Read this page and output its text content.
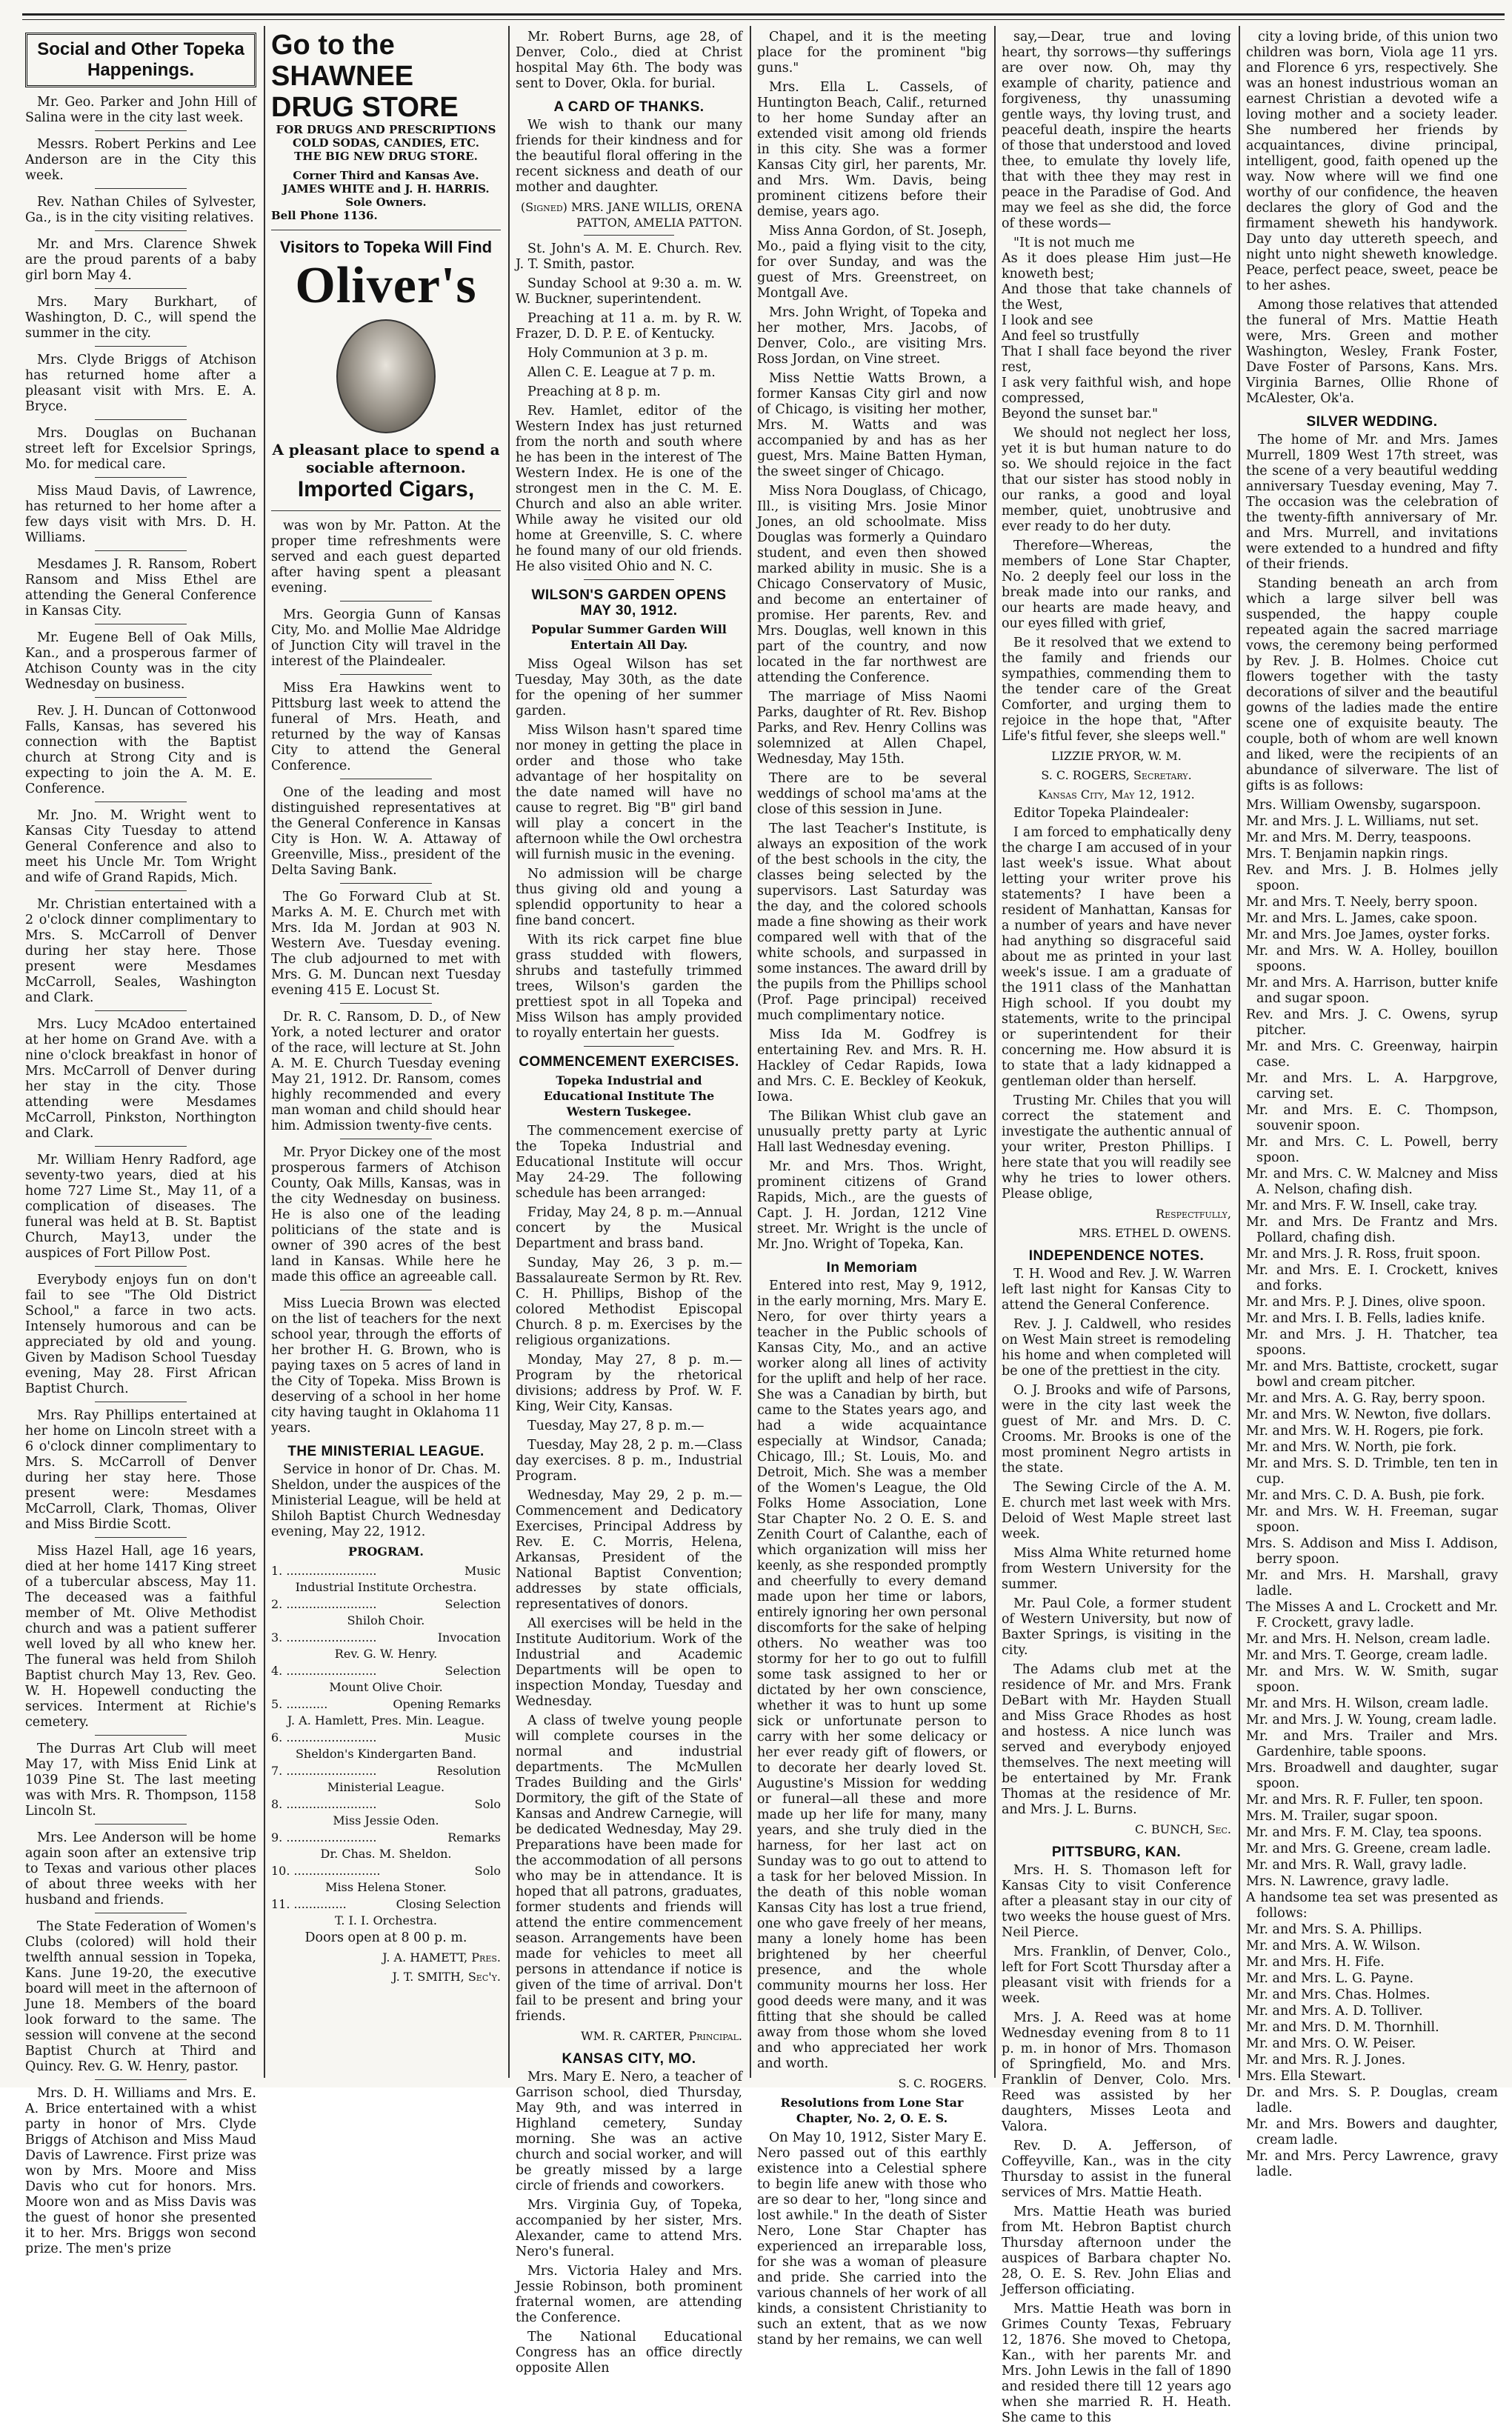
Social and Other Topeka Happenings.

Mr. Geo. Parker and John Hill of Salina were in the city last week.

Messrs. Robert Perkins and Lee Anderson are in the City this week.

Rev. Nathan Chiles of Sylvester, Ga., is in the city visiting relatives.

Mr. and Mrs. Clarence Shwek are the proud parents of a baby girl born May 4.

Mrs. Mary Burkhart, of Washington, D. C., will spend the summer in the city.

Mrs. Clyde Briggs of Atchison has returned home after a pleasant visit with Mrs. E. A. Bryce.

Mrs. Douglas on Buchanan street left for Excelsior Springs, Mo. for medical care.

Miss Maud Davis, of Lawrence, has returned to her home after a few days visit with Mrs. D. H. Williams.

Mesdames J. R. Ransom, Robert Ransom and Miss Ethel are attending the General Conference in Kansas City.

Mr. Eugene Bell of Oak Mills, Kan., and a prosperous farmer of Atchison County was in the city Wednesday on business.

Rev. J. H. Duncan of Cottonwood Falls, Kansas, has severed his connection with the Baptist church at Strong City and is expecting to join the A. M. E. Conference.

Mr. Jno. M. Wright went to Kansas City Tuesday to attend General Conference and also to meet his Uncle Mr. Tom Wright and wife of Grand Rapids, Mich.

Mr. Christian entertained with a 2 o'clock dinner complimentary to Mrs. S. McCarroll of Denver during her stay here. Those present were Mesdames McCarroll, Seales, Washington and Clark.

Mrs. Lucy McAdoo entertained at her home on Grand Ave. with a nine o'clock breakfast in honor of Mrs. McCarroll of Denver during her stay in the city. Those attending were Mesdames McCarroll, Pinkston, Northington and Clark.

Mr. William Henry Radford, age seventy-two years, died at his home 727 Lime St., May 11, of a complication of diseases. The funeral was held at B. St. Baptist Church, May13, under the auspices of Fort Pillow Post.

Everybody enjoys fun on don't fail to see "The Old District School," a farce in two acts. Intensely humorous and can be appreciated by old and young. Given by Madison School Tuesday evening, May 28. First African Baptist Church.

Mrs. Ray Phillips entertained at her home on Lincoln street with a 6 o'clock dinner complimentary to Mrs. S. McCarroll of Denver during her stay here. Those present were: Mesdames McCarroll, Clark, Thomas, Oliver and Miss Birdie Scott.

Miss Hazel Hall, age 16 years, died at her home 1417 King street of a tubercular abscess, May 11. The deceased was a faithful member of Mt. Olive Methodist church and was a patient sufferer well loved by all who knew her. The funeral was held from Shiloh Baptist church May 13, Rev. Geo. W. H. Hopewell conducting the services. Interment at Richie's cemetery.

The Durras Art Club will meet May 17, with Miss Enid Link at 1039 Pine St. The last meeting was with Mrs. R. Thompson, 1158 Lincoln St.

Mrs. Lee Anderson will be home again soon after an extensive trip to Texas and various other places of about three weeks with her husband and friends.

The State Federation of Women's Clubs (colored) will hold their twelfth annual session in Topeka, Kans. June 19-20, the executive board will meet in the afternoon of June 18. Members of the board look forward to the same. The session will convene at the second Baptist Church at Third and Quincy. Rev. G. W. Henry, pastor.

Mrs. D. H. Williams and Mrs. E. A. Brice entertained with a whist party in honor of Mrs. Clyde Briggs of Atchison and Miss Maud Davis of Lawrence. First prize was won by Mrs. Moore and Miss Davis who cut for honors. Mrs. Moore won and as Miss Davis was the guest of honor she presented it to her. Mrs. Briggs won second prize. The men's prize

Go to the SHAWNEE DRUG STORE
FOR DRUGS AND PRESCRIPTIONS
COLD SODAS, CANDIES, ETC.
THE BIG NEW DRUG STORE.
Corner Third and Kansas Ave.
JAMES WHITE and J. H. HARRIS.
Sole Owners.
Bell Phone 1136.
Visitors to Topeka Will Find
Oliver's
A pleasant place to spend a sociable afternoon.
Imported Cigars,

was won by Mr. Patton. At the proper time refreshments were served and each guest departed after having spent a pleasant evening.

Mrs. Georgia Gunn of Kansas City, Mo. and Mollie Mae Aldridge of Junction City will travel in the interest of the Plaindealer.

Miss Era Hawkins went to Pittsburg last week to attend the funeral of Mrs. Heath, and returned by the way of Kansas City to attend the General Conference.

One of the leading and most distinguished representatives at the General Conference in Kansas City is Hon. W. A. Attaway of Greenville, Miss., president of the Delta Saving Bank.

The Go Forward Club at St. Marks A. M. E. Church met with Mrs. Ida M. Jordan at 903 N. Western Ave. Tuesday evening. The club adjourned to met with Mrs. G. M. Duncan next Tuesday evening 415 E. Locust St.

Dr. R. C. Ransom, D. D., of New York, a noted lecturer and orator of the race, will lecture at St. John A. M. E. Church Tuesday evening May 21, 1912. Dr. Ransom, comes highly recommended and every man woman and child should hear him. Admission twenty-five cents.

Mr. Pryor Dickey one of the most prosperous farmers of Atchison County, Oak Mills, Kansas, was in the city Wednesday on business. He is also one of the leading politicians of the state and is owner of 390 acres of the best land in Kansas. While here he made this office an agreeable call.

Miss Luecia Brown was elected on the list of teachers for the next school year, through the efforts of her brother H. G. Brown, who is paying taxes on 5 acres of land in the City of Topeka. Miss Brown is deserving of a school in her home city having taught in Oklahoma 11 years.

THE MINISTERIAL LEAGUE.

Service in honor of Dr. Chas. M. Sheldon, under the auspices of the Ministerial League, will be held at Shiloh Baptist Church Wednesday evening, May 22, 1912.

PROGRAM.
1. ........................	Music
Industrial Institute Orchestra.
2. ........................	Selection
Shiloh Choir.
3. ........................	Invocation
Rev. G. W. Henry.
4. ........................	Selection
Mount Olive Choir.
5. ...........	Opening Remarks
J. A. Hamlett, Pres. Min. League.
6. ........................	Music
Sheldon's Kindergarten Band.
7. ........................	Resolution
Ministerial League.
8. ........................	Solo
Miss Jessie Oden.
9. ........................	Remarks
Dr. Chas. M. Sheldon.
10. .......................	Solo
Miss Helena Stoner.
11. ..............	Closing Selection
T. I. I. Orchestra.

Doors open at 8 00 p. m.

J. A. HAMETT, Pres.

J. T. SMITH, Sec'y.

Mr. Robert Burns, age 28, of Denver, Colo., died at Christ hospital May 6th. The body was sent to Dover, Okla. for burial.

A CARD OF THANKS.

We wish to thank our many friends for their kindness and for the beautiful floral offering in the recent sickness and death of our mother and daughter.

(Signed) MRS. JANE WILLIS, ORENA PATTON, AMELIA PATTON.

St. John's A. M. E. Church. Rev. J. T. Smith, pastor.

Sunday School at 9:30 a. m. W. W. Buckner, superintendent.

Preaching at 11 a. m. by R. W. Frazer, D. D. P. E. of Kentucky.

Holy Communion at 3 p. m.

Allen C. E. League at 7 p. m.

Preaching at 8 p. m.

Rev. Hamlet, editor of the Western Index has just returned from the north and south where he has been in the interest of The Western Index. He is one of the strongest men in the C. M. E. Church and also an able writer. While away he visited our old home at Greenville, S. C. where he found many of our old friends. He also visited Ohio and N. C.

WILSON'S GARDEN OPENS MAY 30, 1912.
Popular Summer Garden Will Entertain All Day.

Miss Ogeal Wilson has set Tuesday, May 30th, as the date for the opening of her summer garden.

Miss Wilson hasn't spared time nor money in getting the place in order and those who take advantage of her hospitality on the date named will have no cause to regret. Big "B" girl band will play a concert in the afternoon while the Owl orchestra will furnish music in the evening.

No admission will be charge thus giving old and young a splendid opportunity to hear a fine band concert.

With its rick carpet fine blue grass studded with flowers, shrubs and tastefully trimmed trees, Wilson's garden the prettiest spot in all Topeka and Miss Wilson has amply provided to royally entertain her guests.

COMMENCEMENT EXERCISES.
Topeka Industrial and Educational Institute The Western Tuskegee.

The commencement exercise of the Topeka Industrial and Educational Institute will occur May 24-29. The following schedule has been arranged:

Friday, May 24, 8 p. m.—Annual concert by the Musical Department and brass band.

Sunday, May 26, 3 p. m.—Bassalaureate Sermon by Rt. Rev. C. H. Phillips, Bishop of the colored Methodist Episcopal Church. 8 p. m. Exercises by the religious organizations.

Monday, May 27, 8 p. m.—Program by the rhetorical divisions; address by Prof. W. F. King, Weir City, Kansas.

Tuesday, May 27, 8 p. m.—

Tuesday, May 28, 2 p. m.—Class day exercises. 8 p. m., Industrial Program.

Wednesday, May 29, 2 p. m.—Commencement and Dedicatory Exercises, Principal Address by Rev. E. C. Morris, Helena, Arkansas, President of the National Baptist Convention; addresses by state officials, representatives of donors.

All exercises will be held in the Institute Auditorium. Work of the Industrial and Academic Departments will be open to inspection Monday, Tuesday and Wednesday.

A class of twelve young people will complete courses in the normal and industrial departments. The McMullen Trades Building and the Girls' Dormitory, the gift of the State of Kansas and Andrew Carnegie, will be dedicated Wednesday, May 29. Preparations have been made for the accommodation of all persons who may be in attendance. It is hoped that all patrons, graduates, former students and friends will attend the entire commencement season. Arrangements have been made for vehicles to meet all persons in attendance if notice is given of the time of arrival. Don't fail to be present and bring your friends.

WM. R. CARTER, Principal.

KANSAS CITY, MO.

Mrs. Mary E. Nero, a teacher of Garrison school, died Thursday, May 9th, and was interred in Highland cemetery, Sunday morning. She was an active church and social worker, and will be greatly missed by a large circle of friends and coworkers.

Mrs. Virginia Guy, of Topeka, accompanied by her sister, Mrs. Alexander, came to attend Mrs. Nero's funeral.

Mrs. Victoria Haley and Mrs. Jessie Robinson, both prominent fraternal women, are attending the Conference.

The National Educational Congress has an office directly opposite Allen

Chapel, and it is the meeting place for the prominent "big guns."

Mrs. Ella L. Cassels, of Huntington Beach, Calif., returned to her home Sunday after an extended visit among old friends in this city. She was a former Kansas City girl, her parents, Mr. and Mrs. Wm. Davis, being prominent citizens before their demise, years ago.

Miss Anna Gordon, of St. Joseph, Mo., paid a flying visit to the city, for over Sunday, and was the guest of Mrs. Greenstreet, on Montgall Ave.

Mrs. John Wright, of Topeka and her mother, Mrs. Jacobs, of Denver, Colo., are visiting Mrs. Ross Jordan, on Vine street.

Miss Nettie Watts Brown, a former Kansas City girl and now of Chicago, is visiting her mother, Mrs. M. Watts and was accompanied by and has as her guest, Mrs. Maine Batten Hyman, the sweet singer of Chicago.

Miss Nora Douglass, of Chicago, Ill., is visiting Mrs. Josie Minor Jones, an old schoolmate. Miss Douglas was formerly a Quindaro student, and even then showed marked ability in music. She is a Chicago Conservatory of Music, and become an entertainer of promise. Her parents, Rev. and Mrs. Douglas, well known in this part of the country, and now located in the far northwest are attending the Conference.

The marriage of Miss Naomi Parks, daughter of Rt. Rev. Bishop Parks, and Rev. Henry Collins was solemnized at Allen Chapel, Wednesday, May 15th.

There are to be several weddings of school ma'ams at the close of this session in June.

The last Teacher's Institute, is always an exposition of the work of the best schools in the city, the classes being selected by the supervisors. Last Saturday was the day, and the colored schools made a fine showing as their work compared well with that of the white schools, and surpassed in some instances. The award drill by the pupils from the Phillips school (Prof. Page principal) received much complimentary notice.

Miss Ida M. Godfrey is entertaining Rev. and Mrs. R. H. Hackley of Cedar Rapids, Iowa and Mrs. C. E. Beckley of Keokuk, Iowa.

The Bilikan Whist club gave an unusually pretty party at Lyric Hall last Wednesday evening.

Mr. and Mrs. Thos. Wright, prominent citizens of Grand Rapids, Mich., are the guests of Capt. J. H. Jordan, 1212 Vine street. Mr. Wright is the uncle of Mr. Jno. Wright of Topeka, Kan.

In Memoriam

Entered into rest, May 9, 1912, in the early morning, Mrs. Mary E. Nero, for over thirty years a teacher in the Public schools of Kansas City, Mo., and an active worker along all lines of activity for the uplift and help of her race. She was a Canadian by birth, but came to the States years ago, and had a wide acquaintance especially at Windsor, Canada; Chicago, Ill.; St. Louis, Mo. and Detroit, Mich. She was a member of the Women's League, the Old Folks Home Association, Lone Star Chapter No. 2 O. E. S. and Zenith Court of Calanthe, each of which organization will miss her keenly, as she responded promptly and cheerfully to every demand made upon her time or labors, entirely ignoring her own personal discomforts for the sake of helping others. No weather was too stormy for her to go out to fulfill some task assigned to her or dictated by her own conscience, whether it was to hunt up some sick or unfortunate person to carry with her some delicacy or her ever ready gift of flowers, or to decorate her dearly loved St. Augustine's Mission for wedding or funeral—all these and more made up her life for many, many years, and she truly died in the harness, for her last act on Sunday was to go out to attend to a task for her beloved Mission. In the death of this noble woman Kansas City has lost a true friend, one who gave freely of her means, many a lonely home has been brightened by her cheerful presence, and the whole community mourns her loss. Her good deeds were many, and it was fitting that she should be called away from those whom she loved and who appreciated her work and worth.

S. C. ROGERS.

Resolutions from Lone Star Chapter, No. 2, O. E. S.

On May 10, 1912, Sister Mary E. Nero passed out of this earthly existence into a Celestial sphere to begin life anew with those who are so dear to her, "long since and lost awhile." In the death of Sister Nero, Lone Star Chapter has experienced an irreparable loss, for she was a woman of pleasure and pride. She carried into the various channels of her work of all kinds, a consistent Christianity to such an extent, that as we now stand by her remains, we can well

say,—Dear, true and loving heart, thy sorrows—thy sufferings are over now. Oh, may thy example of charity, patience and forgiveness, thy unassuming gentle ways, thy loving trust, and peaceful death, inspire the hearts of those that understood and loved thee, to emulate thy lovely life, that with thee they may rest in peace in the Paradise of God. And may we feel as she did, the force of these words—

"It is not much me
As it does please Him just—He knoweth best;
And those that take channels of the West,
I look and see
And feel so trustfully
That I shall face beyond the river rest,
I ask very faithful wish, and hope compressed,
Beyond the sunset bar."

We should not neglect her loss, yet it is but human nature to do so. We should rejoice in the fact that our sister has stood nobly in our ranks, a good and loyal member, quiet, unobtrusive and ever ready to do her duty.

Therefore—Whereas, the members of Lone Star Chapter, No. 2 deeply feel our loss in the break made into our ranks, and our hearts are made heavy, and our eyes filled with grief,

Be it resolved that we extend to the family and friends our sympathies, commending them to the tender care of the Great Comforter, and urging them to rejoice in the hope that, "After Life's fitful fever, she sleeps well."

LIZZIE PRYOR, W. M.

S. C. ROGERS, Secretary.

Kansas City, May 12, 1912.

Editor Topeka Plaindealer:

I am forced to emphatically deny the charge I am accused of in your last week's issue. What about letting your writer prove his statements? I have been a resident of Manhattan, Kansas for a number of years and have never had anything so disgraceful said about me as printed in your last week's issue. I am a graduate of the 1911 class of the Manhattan High school. If you doubt my statements, write to the principal or superintendent for their concerning me. How absurd it is to state that a lady kidnapped a gentleman older than herself.

Trusting Mr. Chiles that you will correct the statement and investigate the authentic annual of your writer, Preston Phillips. I here state that you will readily see why he tries to lower others. Please oblige,

Respectfully,

MRS. ETHEL D. OWENS.

INDEPENDENCE NOTES.

T. H. Wood and Rev. J. W. Warren left last night for Kansas City to attend the General Conference.

Rev. J. J. Caldwell, who resides on West Main street is remodeling his home and when completed will be one of the prettiest in the city.

O. J. Brooks and wife of Parsons, were in the city last week the guest of Mr. and Mrs. D. C. Crooms. Mr. Brooks is one of the most prominent Negro artists in the state.

The Sewing Circle of the A. M. E. church met last week with Mrs. Deloid of West Maple street last week.

Miss Alma White returned home from Western University for the summer.

Mr. Paul Cole, a former student of Western University, but now of Baxter Springs, is visiting in the city.

The Adams club met at the residence of Mr. and Mrs. Frank DeBart with Mr. Hayden Stuall and Miss Grace Rhodes as host and hostess. A nice lunch was served and everybody enjoyed themselves. The next meeting will be entertained by Mr. Frank Thomas at the residence of Mr. and Mrs. J. L. Burns.

C. BUNCH, Sec.

PITTSBURG, KAN.

Mrs. H. S. Thomason left for Kansas City to visit Conference after a pleasant stay in our city of two weeks the house guest of Mrs. Neil Pierce.

Mrs. Franklin, of Denver, Colo., left for Fort Scott Thursday after a pleasant visit with friends for a week.

Mrs. J. A. Reed was at home Wednesday evening from 8 to 11 p. m. in honor of Mrs. Thomason of Springfield, Mo. and Mrs. Franklin of Denver, Colo. Mrs. Reed was assisted by her daughters, Misses Leota and Valora.

Rev. D. A. Jefferson, of Coffeyville, Kan., was in the city Thursday to assist in the funeral services of Mrs. Mattie Heath.

Mrs. Mattie Heath was buried from Mt. Hebron Baptist church Thursday afternoon under the auspices of Barbara chapter No. 28, O. E. S. Rev. John Elias and Jefferson officiating.

Mrs. Mattie Heath was born in Grimes County Texas, February 12, 1876. She moved to Chetopa, Kan., with her parents Mr. and Mrs. John Lewis in the fall of 1890 and resided there till 12 years ago when she married R. H. Heath. She came to this

city a loving bride, of this union two children was born, Viola age 11 yrs. and Florence 6 yrs, respectively. She was an honest industrious woman an earnest Christian a devoted wife a loving mother and a society leader. She numbered her friends by acquaintances, divine principal, intelligent, good, faith opened up the way. Now where will we find one worthy of our confidence, the heaven declares the glory of God and the firmament sheweth his handywork. Day unto day uttereth speech, and night unto night sheweth knowledge. Peace, perfect peace, sweet, peace be to her ashes.

Among those relatives that attended the funeral of Mrs. Mattie Heath were, Mrs. Green and mother Washington, Wesley, Frank Foster, Dave Foster of Parsons, Kans. Mrs. Virginia Barnes, Ollie Rhone of McAlester, Ok'a.

SILVER WEDDING.

The home of Mr. and Mrs. James Murrell, 1809 West 17th street, was the scene of a very beautiful wedding anniversary Tuesday evening, May 7. The occasion was the celebration of the twenty-fifth anniversary of Mr. and Mrs. Murrell, and invitations were extended to a hundred and fifty of their friends.

Standing beneath an arch from which a large silver bell was suspended, the happy couple repeated again the sacred marriage vows, the ceremony being performed by Rev. J. B. Holmes. Choice cut flowers together with the tasty decorations of silver and the beautiful gowns of the ladies made the entire scene one of exquisite beauty. The couple, both of whom are well known and liked, were the recipients of an abundance of silverware. The list of gifts is as follows:

Mrs. William Owensby, sugarspoon.

Mr. and Mrs. J. L. Williams, nut set.

Mr. and Mrs. M. Derry, teaspoons.

Mrs. T. Benjamin napkin rings.

Rev. and Mrs. J. B. Holmes jelly spoon.

Mr. and Mrs. T. Neely, berry spoon.

Mr. and Mrs. L. James, cake spoon.

Mr. and Mrs. Joe James, oyster forks.

Mr. and Mrs. W. A. Holley, bouillon spoons.

Mr. and Mrs. A. Harrison, butter knife and sugar spoon.

Rev. and Mrs. J. C. Owens, syrup pitcher.

Mr. and Mrs. C. Greenway, hairpin case.

Mr. and Mrs. L. A. Harpgrove, carving set.

Mr. and Mrs. E. C. Thompson, souvenir spoon.

Mr. and Mrs. C. L. Powell, berry spoon.

Mr. and Mrs. C. W. Malcney and Miss A. Nelson, chafing dish.

Mr. and Mrs. F. W. Insell, cake tray.

Mr. and Mrs. De Frantz and Mrs. Pollard, chafing dish.

Mr. and Mrs. J. R. Ross, fruit spoon.

Mr. and Mrs. E. I. Crockett, knives and forks.

Mr. and Mrs. P. J. Dines, olive spoon.

Mr. and Mrs. I. B. Fells, ladies knife.

Mr. and Mrs. J. H. Thatcher, tea spoons.

Mr. and Mrs. Battiste, crockett, sugar bowl and cream pitcher.

Mr. and Mrs. A. G. Ray, berry spoon.

Mr. and Mrs. W. Newton, five dollars.

Mr. and Mrs. W. H. Rogers, pie fork.

Mr. and Mrs. W. North, pie fork.

Mr. and Mrs. S. D. Trimble, ten ten in cup.

Mr. and Mrs. C. D. A. Bush, pie fork.

Mr. and Mrs. W. H. Freeman, sugar spoon.

Mrs. S. Addison and Miss I. Addison, berry spoon.

Mr. and Mrs. H. Marshall, gravy ladle.

The Misses A and L. Crockett and Mr. F. Crockett, gravy ladle.

Mr. and Mrs. H. Nelson, cream ladle.

Mr. and Mrs. T. George, cream ladle.

Mr. and Mrs. W. W. Smith, sugar spoon.

Mr. and Mrs. H. Wilson, cream ladle.

Mr. and Mrs. J. W. Young, cream ladle.

Mr. and Mrs. Trailer and Mrs. Gardenhire, table spoons.

Mrs. Broadwell and daughter, sugar spoon.

Mr. and Mrs. R. F. Fuller, ten spoon.

Mrs. M. Trailer, sugar spoon.

Mr. and Mrs. F. M. Clay, tea spoons.

Mr. and Mrs. G. Greene, cream ladle.

Mr. and Mrs. R. Wall, gravy ladle.

Mrs. N. Lawrence, gravy ladle.

A handsome tea set was presented as follows:

Mr. and Mrs. S. A. Phillips.

Mr. and Mrs. A. W. Wilson.

Mr. and Mrs. H. Fife.

Mr. and Mrs. L. G. Payne.

Mr. and Mrs. Chas. Holmes.

Mr. and Mrs. A. D. Tolliver.

Mr. and Mrs. D. M. Thornhill.

Mr. and Mrs. O. W. Peiser.

Mr. and Mrs. R. J. Jones.

Mrs. Ella Stewart.

Dr. and Mrs. S. P. Douglas, cream ladle.

Mr. and Mrs. Bowers and daughter, cream ladle.

Mr. and Mrs. Percy Lawrence, gravy ladle.
